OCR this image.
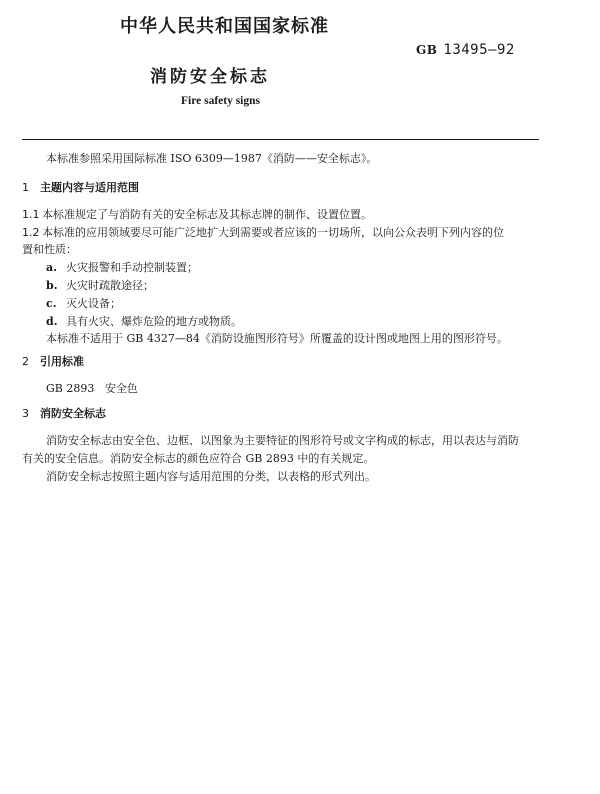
中华人民共和国国家标准
GB 13495—92
消防安全标志
Fire safety signs
本标准参照采用国际标准 ISO 6309—1987《消防——安全标志》。
1 主题内容与适用范围
1.1 本标准规定了与消防有关的安全标志及其标志牌的制作、设置位置。
1.2 本标准的应用领域要尽可能广泛地扩大到需要或者应该的一切场所，以向公众表明下列内容的位
置和性质：
a. 火灾报警和手动控制装置；
b. 火灾时疏散途径；
c. 灭火设备；
d. 具有火灾、爆炸危险的地方或物质。
本标准不适用于 GB 4327—84《消防设施图形符号》所覆盖的设计图或地图上用的图形符号。
2 引用标准
GB 2893   安全色
3 消防安全标志
消防安全标志由安全色、边框、以图象为主要特征的图形符号或文字构成的标志，用以表达与消防
有关的安全信息。消防安全标志的颜色应符合 GB 2893 中的有关规定。
消防安全标志按照主题内容与适用范围的分类，以表格的形式列出。
